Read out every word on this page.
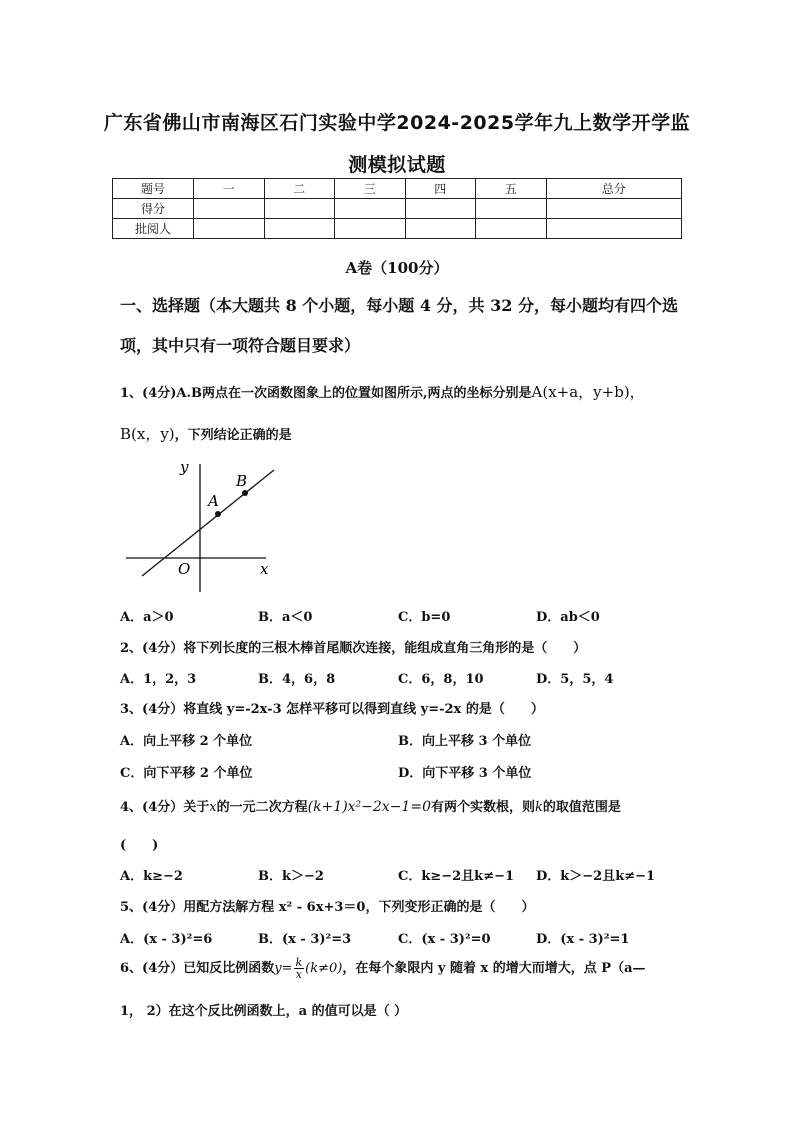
广东省佛山市南海区石门实验中学2024-2025学年九上数学开学监
测模拟试题
题号	一	二	三	四	五	总分
得分						
批阅人						
A卷（100分）
一、选择题（本大题共 8 个小题，每小题 4 分，共 32 分，每小题均有四个选项，其中只有一项符合题目要求）
1、(4分)A.B两点在一次函数图象上的位置如图所示,两点的坐标分别是A(x+a，y+b)，
B(x，y)，下列结论正确的是
y
x
O
A
B
A．a＞0	B．a＜0	C．b=0	D．ab＜0
2、(4分）将下列长度的三根木棒首尾顺次连接，能组成直角三角形的是（　　）
A．1，2，3	B．4，6，8	C．6，8，10	D．5，5，4
3、(4分）将直线 y=-2x-3 怎样平移可以得到直线 y=-2x 的是（　　）
A．向上平移 2 个单位	B．向上平移 3 个单位
C．向下平移 2 个单位	D．向下平移 3 个单位
4、(4分）关于x的一元二次方程(k+1)x²−2x−1=0有两个实数根，则k的取值范围是
(　　)
A．k≥−2	B．k＞−2	C．k≥−2且k≠−1 D．k＞−2且k≠−1
5、(4分）用配方法解方程 x² - 6x+3＝0，下列变形正确的是（　　）
A．(x - 3)²=6	B．(x - 3)²=3	C．(x - 3)²=0	D．(x - 3)²=1
6、(4分）已知反比例函数$y= \frac{k}{x} (k\ne 0)$，在每个象限内 y 随着 x 的增大而增大，点 P（a—
1， 2）在这个反比例函数上，a 的值可以是（ ）
